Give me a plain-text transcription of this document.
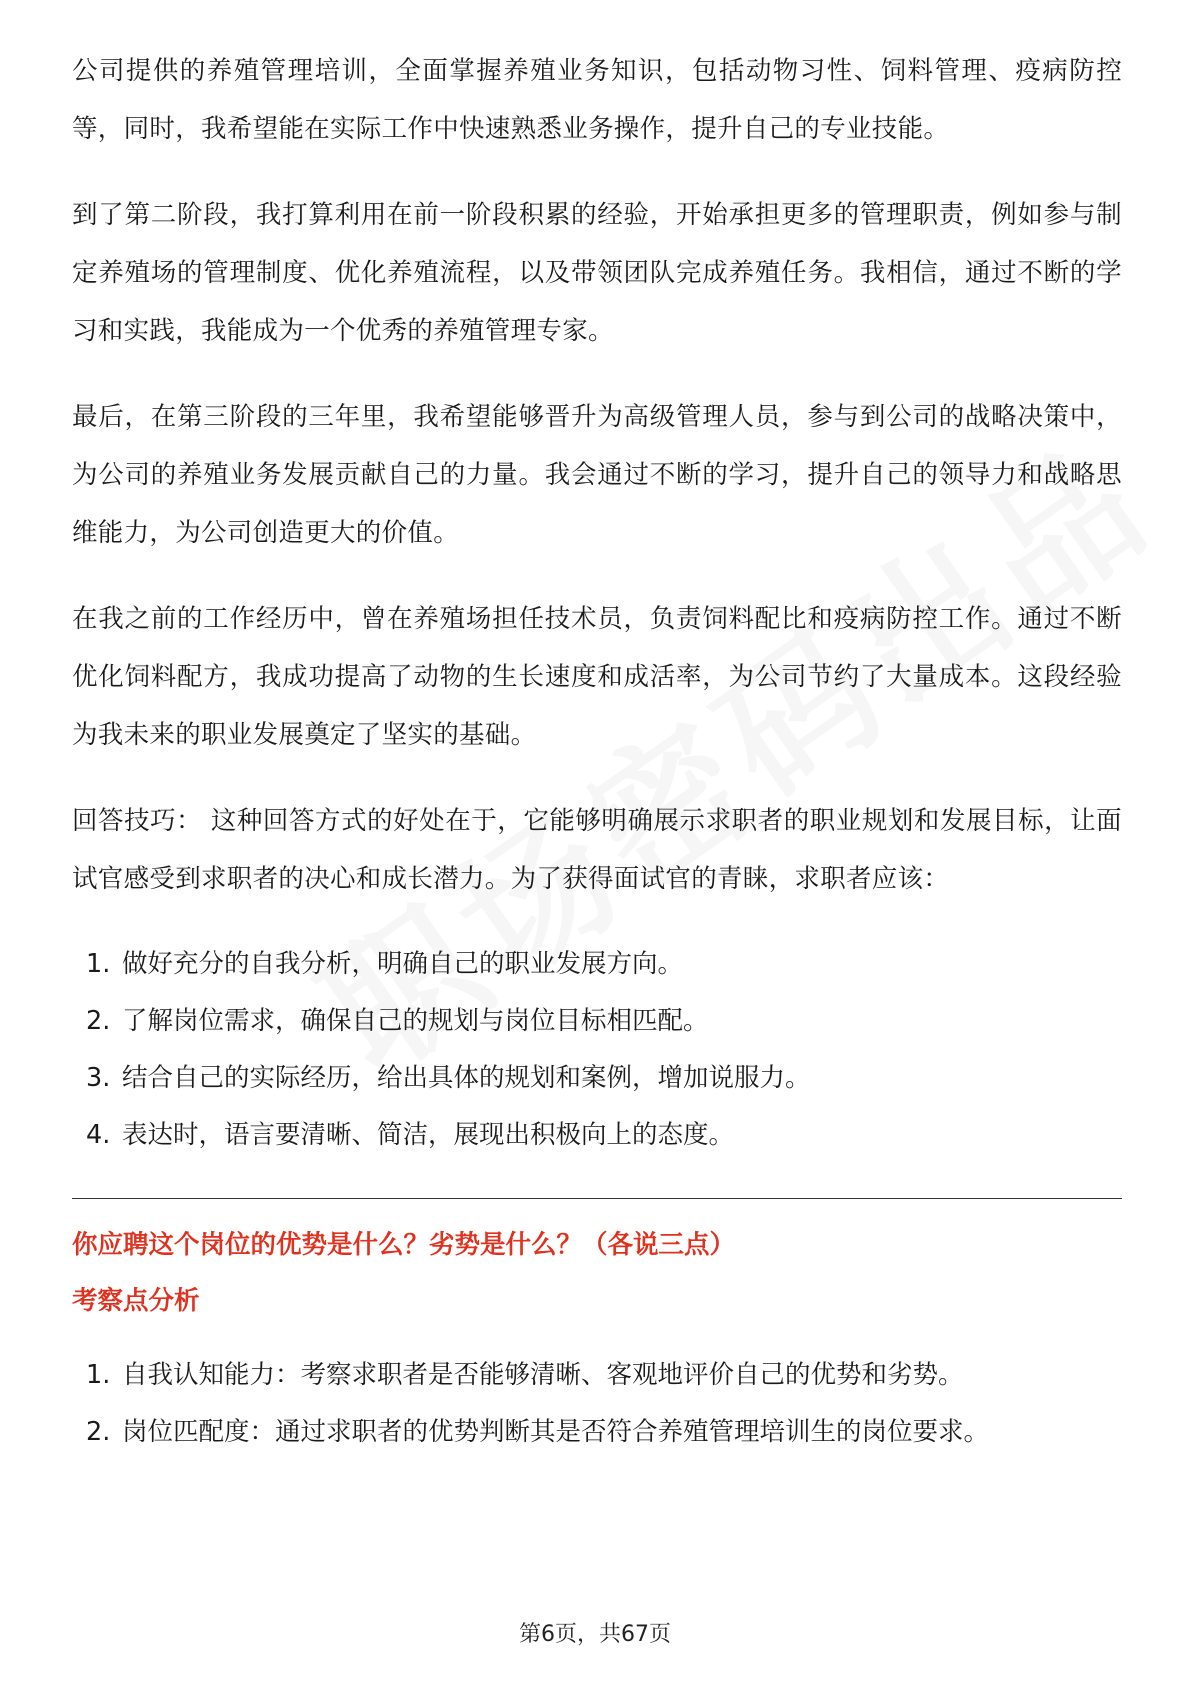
公司提供的养殖管理培训，全面掌握养殖业务知识，包括动物习性、饲料管理、疫病防控等，同时，我希望能在实际工作中快速熟悉业务操作，提升自己的专业技能。

到了第二阶段，我打算利用在前一阶段积累的经验，开始承担更多的管理职责，例如参与制定养殖场的管理制度、优化养殖流程，以及带领团队完成养殖任务。我相信，通过不断的学习和实践，我能成为一个优秀的养殖管理专家。

最后，在第三阶段的三年里，我希望能够晋升为高级管理人员，参与到公司的战略决策中，为公司的养殖业务发展贡献自己的力量。我会通过不断的学习，提升自己的领导力和战略思维能力，为公司创造更大的价值。

在我之前的工作经历中，曾在养殖场担任技术员，负责饲料配比和疫病防控工作。通过不断优化饲料配方，我成功提高了动物的生长速度和成活率，为公司节约了大量成本。这段经验为我未来的职业发展奠定了坚实的基础。

回答技巧： 这种回答方式的好处在于，它能够明确展示求职者的职业规划和发展目标，让面试官感受到求职者的决心和成长潜力。为了获得面试官的青睐，求职者应该：

1. 做好充分的自我分析，明确自己的职业发展方向。
2. 了解岗位需求，确保自己的规划与岗位目标相匹配。
3. 结合自己的实际经历，给出具体的规划和案例，增加说服力。
4. 表达时，语言要清晰、简洁，展现出积极向上的态度。

你应聘这个岗位的优势是什么？劣势是什么？（各说三点）

考察点分析

1. 自我认知能力：考察求职者是否能够清晰、客观地评价自己的优势和劣势。
2. 岗位匹配度：通过求职者的优势判断其是否符合养殖管理培训生的岗位要求。
第6页，共67页
